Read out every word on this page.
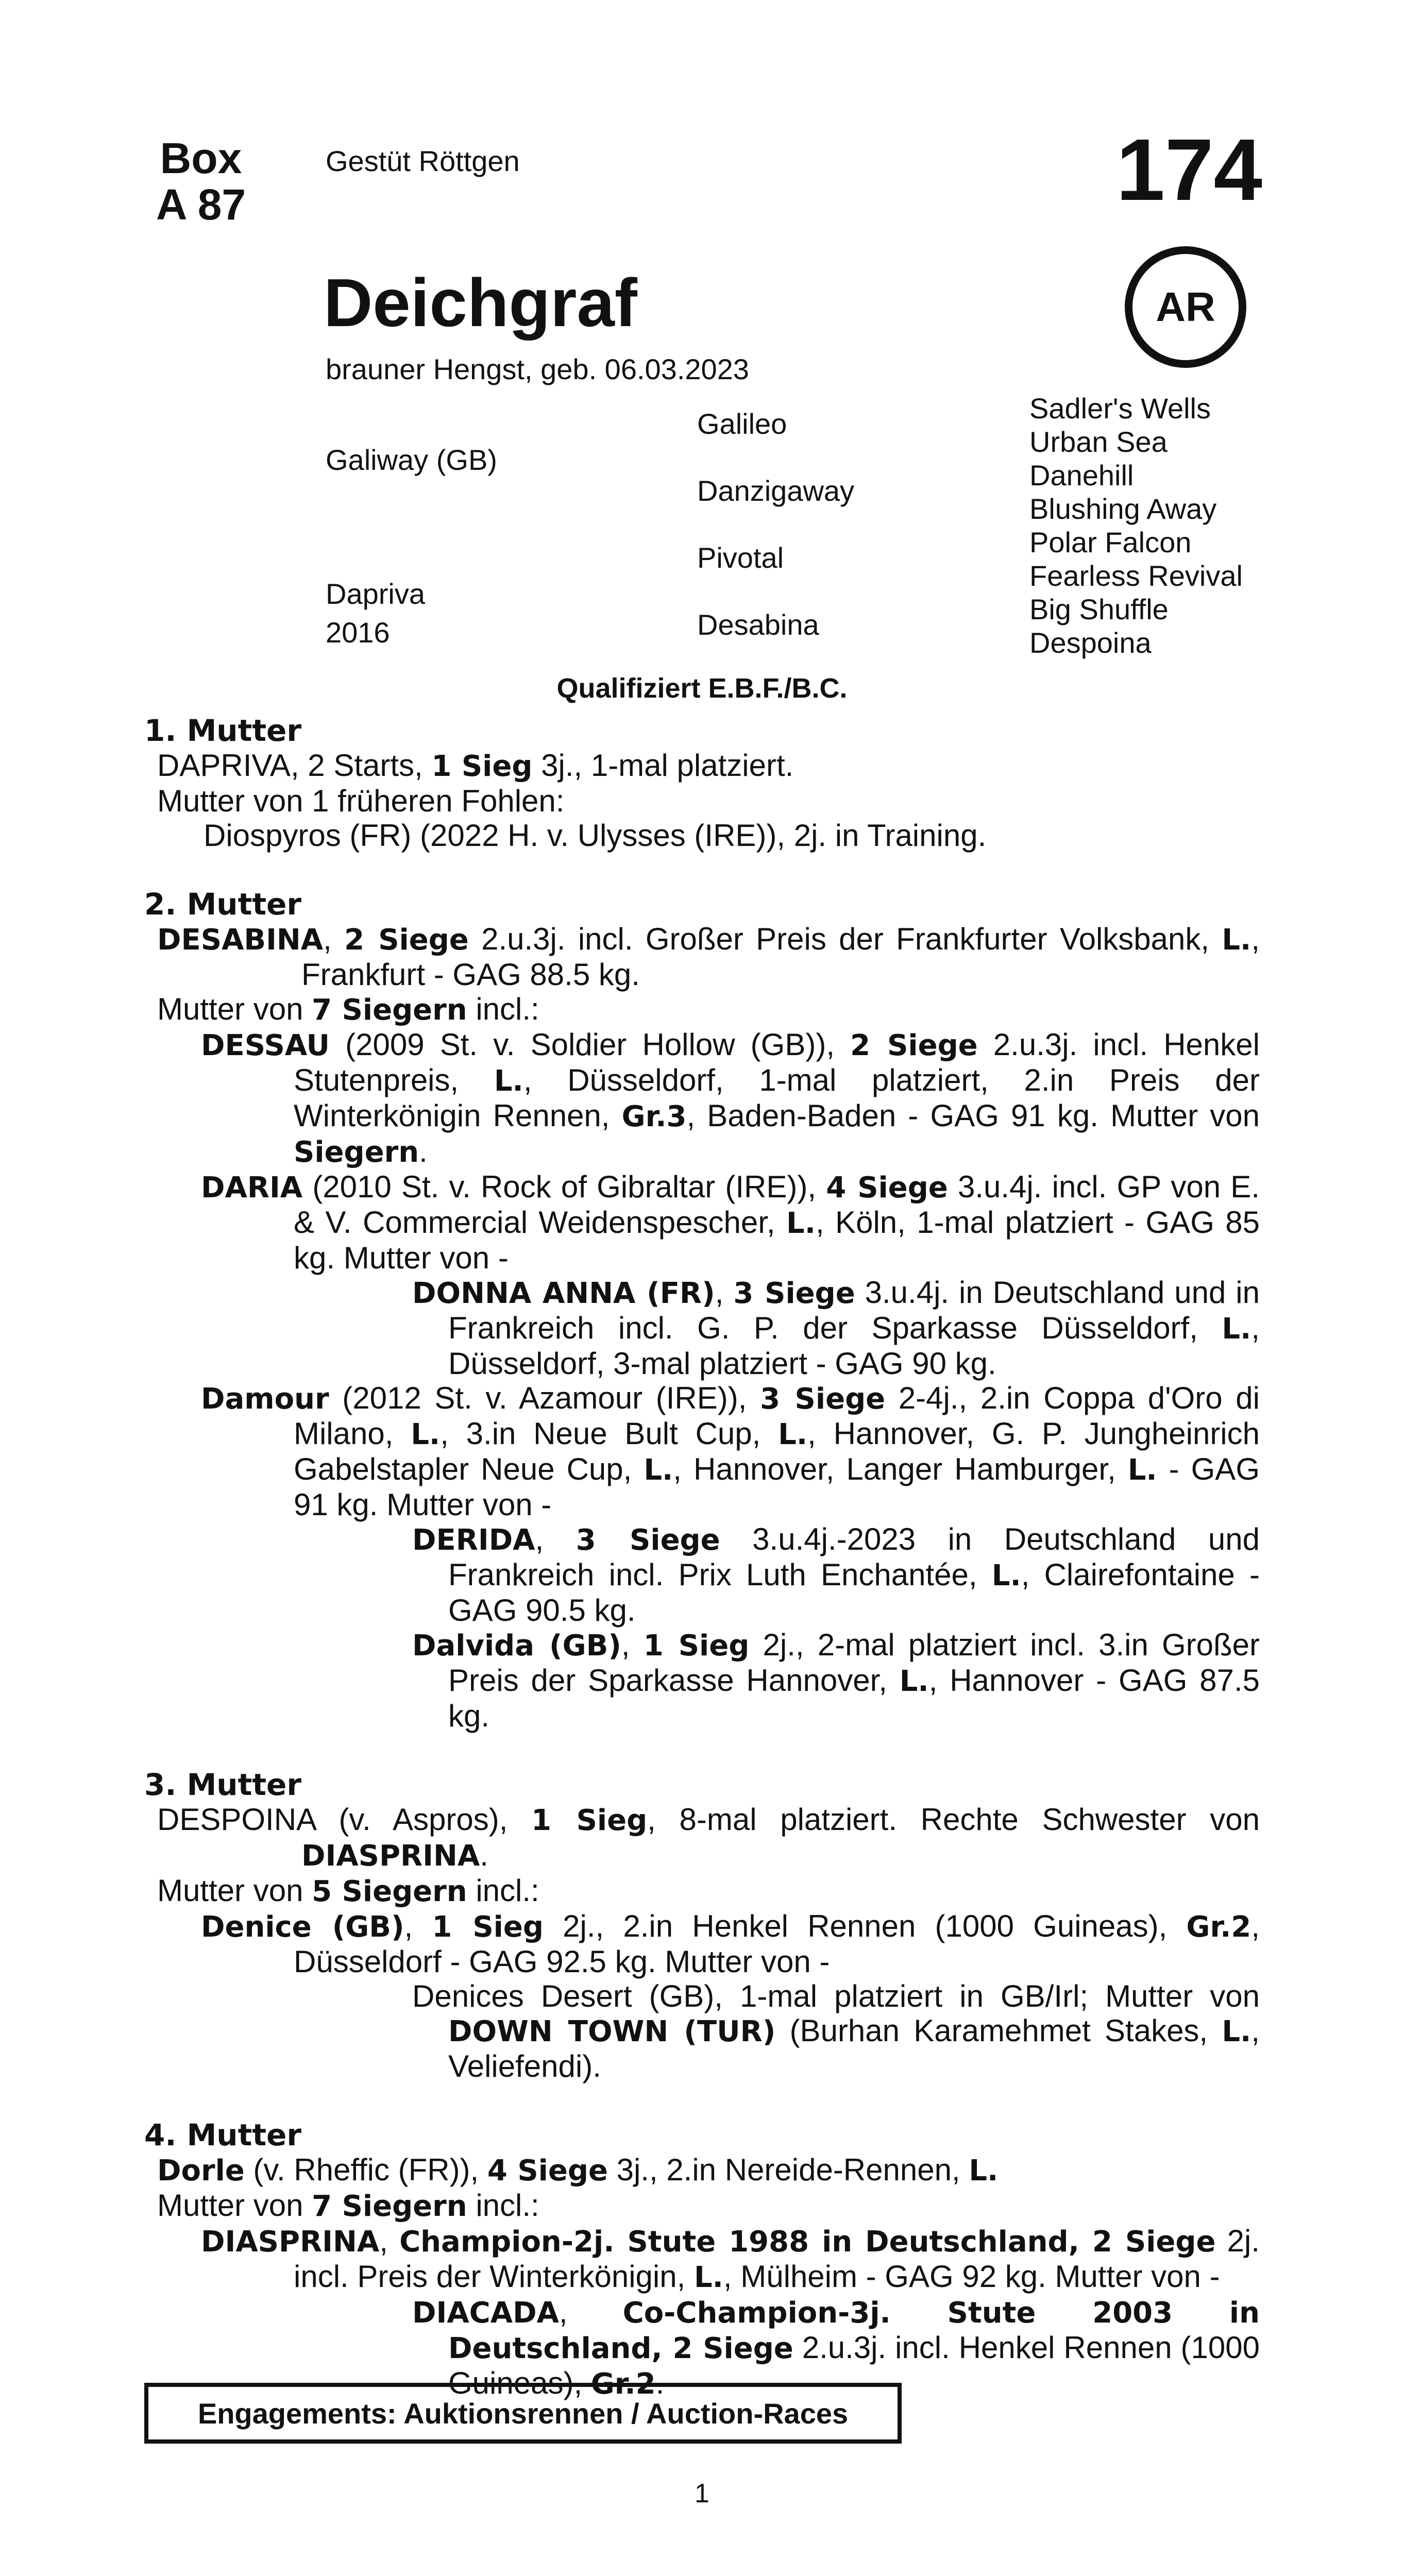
Box
A 87
Gestüt Röttgen	174
AR
Deichgraf
brauner Hengst, geb. 06.03.2023
Galiway (GB)
Dapriva
2016
Galileo
Danzigaway
Pivotal
Desabina
Sadler's Wells
Urban Sea
Danehill
Blushing Away
Polar Falcon
Fearless Revival
Big Shuffle
Despoina
Qualifiziert E.B.F./B.C.
1. Mutter
DAPRIVA, 2 Starts, 1 Sieg 3j., 1-mal platziert.
Mutter von 1 früheren Fohlen:
Diospyros (FR) (2022 H. v. Ulysses (IRE)), 2j. in Training.
2. Mutter
DESABINA, 2 Siege 2.u.3j. incl. Großer Preis der Frankfurter Volksbank, L., Frankfurt - GAG 88.5 kg.
Mutter von 7 Siegern incl.:
DESSAU (2009 St. v. Soldier Hollow (GB)), 2 Siege 2.u.3j. incl. Henkel Stutenpreis, L., Düsseldorf, 1-mal platziert, 2.in Preis der Winterkönigin Rennen, Gr.3, Baden-Baden - GAG 91 kg. Mutter von Siegern.
DARIA (2010 St. v. Rock of Gibraltar (IRE)), 4 Siege 3.u.4j. incl. GP von E. & V. Commercial Weidenspescher, L., Köln, 1-mal platziert - GAG 85 kg. Mutter von -
DONNA ANNA (FR), 3 Siege 3.u.4j. in Deutschland und in Frankreich incl. G. P. der Sparkasse Düsseldorf, L., Düsseldorf, 3-mal platziert - GAG 90 kg.
Damour (2012 St. v. Azamour (IRE)), 3 Siege 2-4j., 2.in Coppa d'Oro di Milano, L., 3.in Neue Bult Cup, L., Hannover, G. P. Jungheinrich Gabelstapler Neue Cup, L., Hannover, Langer Hamburger, L. - GAG 91 kg. Mutter von -
DERIDA, 3 Siege 3.u.4j.-2023 in Deutschland und Frankreich incl. Prix Luth Enchantée, L., Clairefontaine - GAG 90.5 kg.
Dalvida (GB), 1 Sieg 2j., 2-mal platziert incl. 3.in Großer Preis der Sparkasse Hannover, L., Hannover - GAG 87.5 kg.
3. Mutter
DESPOINA (v. Aspros), 1 Sieg, 8-mal platziert. Rechte Schwester von DIASPRINA.
Mutter von 5 Siegern incl.:
Denice (GB), 1 Sieg 2j., 2.in Henkel Rennen (1000 Guineas), Gr.2, Düsseldorf - GAG 92.5 kg. Mutter von -
Denices Desert (GB), 1-mal platziert in GB/Irl; Mutter von DOWN TOWN (TUR) (Burhan Karamehmet Stakes, L., Veliefendi).
4. Mutter
Dorle (v. Rheffic (FR)), 4 Siege 3j., 2.in Nereide-Rennen, L.
Mutter von 7 Siegern incl.:
DIASPRINA, Champion-2j. Stute 1988 in Deutschland, 2 Siege 2j. incl. Preis der Winterkönigin, L., Mülheim - GAG 92 kg. Mutter von -
DIACADA, Co-Champion-3j. Stute 2003 in Deutschland, 2 Siege 2.u.3j. incl. Henkel Rennen (1000 Guineas), Gr.2.
Engagements: Auktionsrennen / Auction-Races
1
